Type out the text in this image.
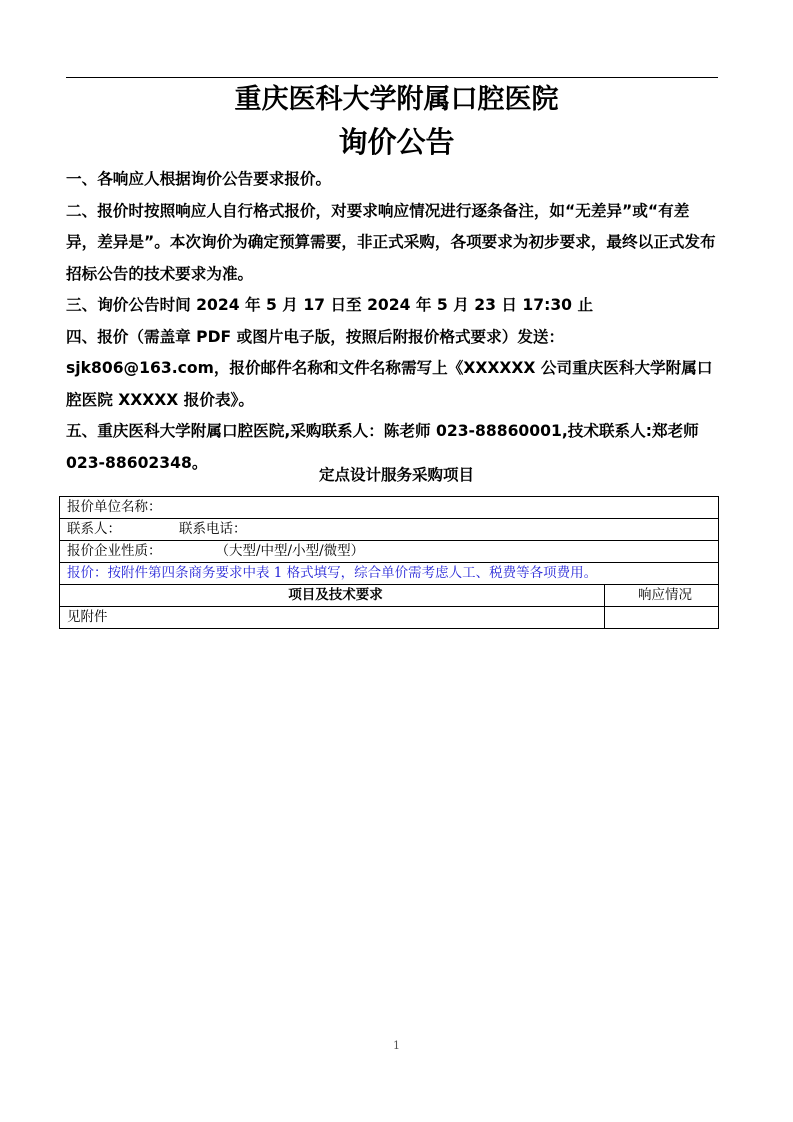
重庆医科大学附属口腔医院
询价公告

一、各响应人根据询价公告要求报价。

二、报价时按照响应人自行格式报价，对要求响应情况进行逐条备注，如“无差异”或“有差异，差异是”。本次询价为确定预算需要，非正式采购，各项要求为初步要求，最终以正式发布招标公告的技术要求为准。

三、询价公告时间 2024 年 5 月 17 日至 2024 年 5 月 23 日 17:30 止

四、报价（需盖章 PDF 或图片电子版，按照后附报价格式要求）发送：sjk806@163.com，报价邮件名称和文件名称需写上《XXXXXX 公司重庆医科大学附属口腔医院 XXXXX 报价表》。

五、重庆医科大学附属口腔医院,采购联系人：陈老师 023-88860001,技术联系人:郑老师 023-88602348。

定点设计服务采购项目
报价单位名称：	
联系人： 联系电话：	
报价企业性质： （大型/中型/小型/微型）	
报价：按附件第四条商务要求中表 1 格式填写，综合单价需考虑人工、税费等各项费用。	
项目及技术要求	响应情况
见附件	
1
